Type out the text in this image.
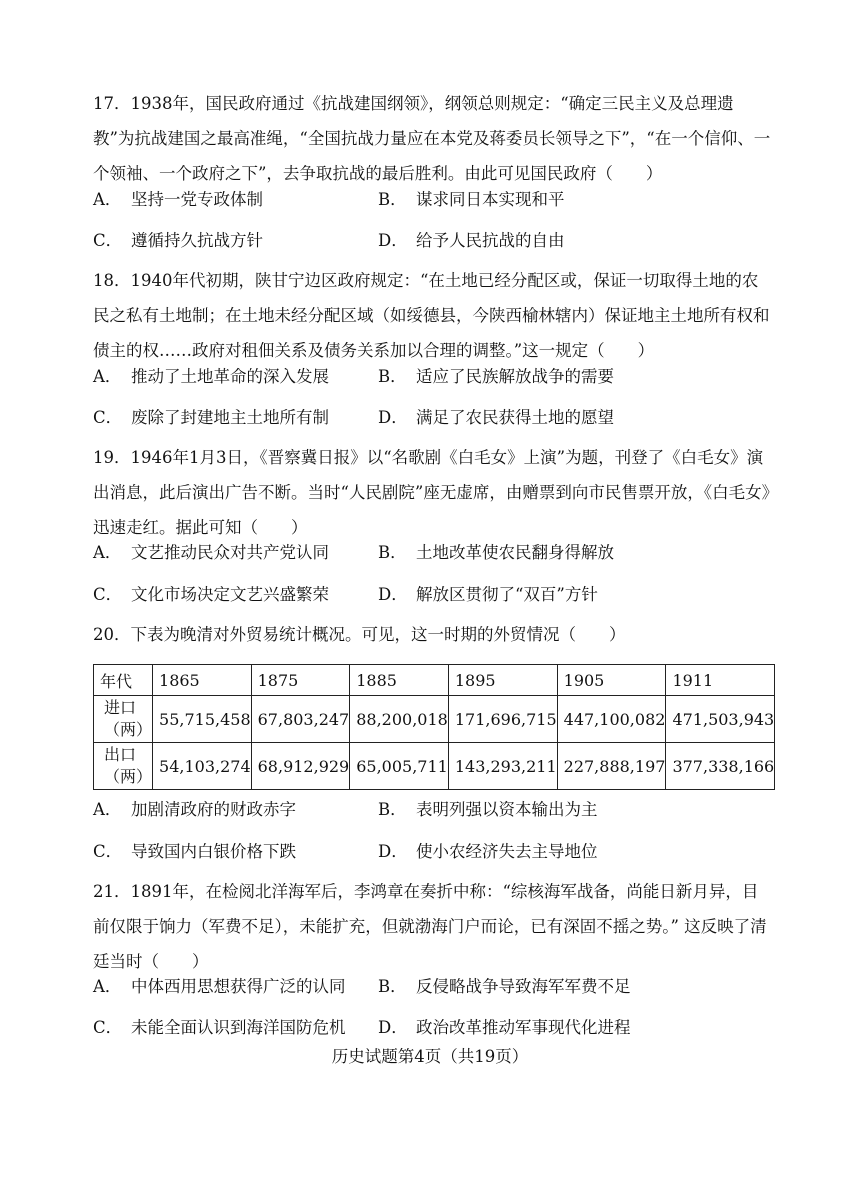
17．1938年，国民政府通过《抗战建国纲领》，纲领总则规定：“确定三民主义及总理遗教”为抗战建国之最高准绳，“全国抗战力量应在本党及蒋委员长领导之下”，“在一个信仰、一个领袖、一个政府之下”，去争取抗战的最后胜利。由此可见国民政府（　　）

A． 坚持一党专政体制	B． 谋求同日本实现和平
C． 遵循持久抗战方针	D． 给予人民抗战的自由

18．1940年代初期，陕甘宁边区政府规定：“在土地已经分配区或，保证一切取得土地的农民之私有土地制；在土地未经分配区域（如绥德县，今陕西榆林辖内）保证地主土地所有权和债主的权……政府对租佃关系及债务关系加以合理的调整。”这一规定（　　）

A． 推动了土地革命的深入发展	B． 适应了民族解放战争的需要
C． 废除了封建地主土地所有制	D． 满足了农民获得土地的愿望

19．1946年1月3日，《晋察冀日报》以“名歌剧《白毛女》上演”为题，刊登了《白毛女》演出消息，此后演出广告不断。当时“人民剧院”座无虚席，由赠票到向市民售票开放，《白毛女》迅速走红。据此可知（　　）

A． 文艺推动民众对共产党认同	B． 土地改革使农民翻身得解放
C． 文化市场决定文艺兴盛繁荣	D． 解放区贯彻了“双百”方针

20．下表为晚清对外贸易统计概况。可见，这一时期的外贸情况（　　）

年代	1865	1875	1885	1895	1905	1911
进口
（两）	55,715,458	67,803,247	88,200,018	171,696,715	447,100,082	471,503,943
出口
（两）	54,103,274	68,912,929	65,005,711	143,293,211	227,888,197	377,338,166
A． 加剧清政府的财政赤字	B． 表明列强以资本输出为主
C． 导致国内白银价格下跌	D． 使小农经济失去主导地位

21．1891年，在检阅北洋海军后，李鸿章在奏折中称：“综核海军战备，尚能日新月异，目前仅限于饷力（军费不足），未能扩充，但就渤海门户而论，已有深固不摇之势。” 这反映了清廷当时（　　）

A． 中体西用思想获得广泛的认同 B． 反侵略战争导致海军军费不足
C． 未能全面认识到海洋国防危机 D． 政治改革推动军事现代化进程
历史试题第4页（共19页）
